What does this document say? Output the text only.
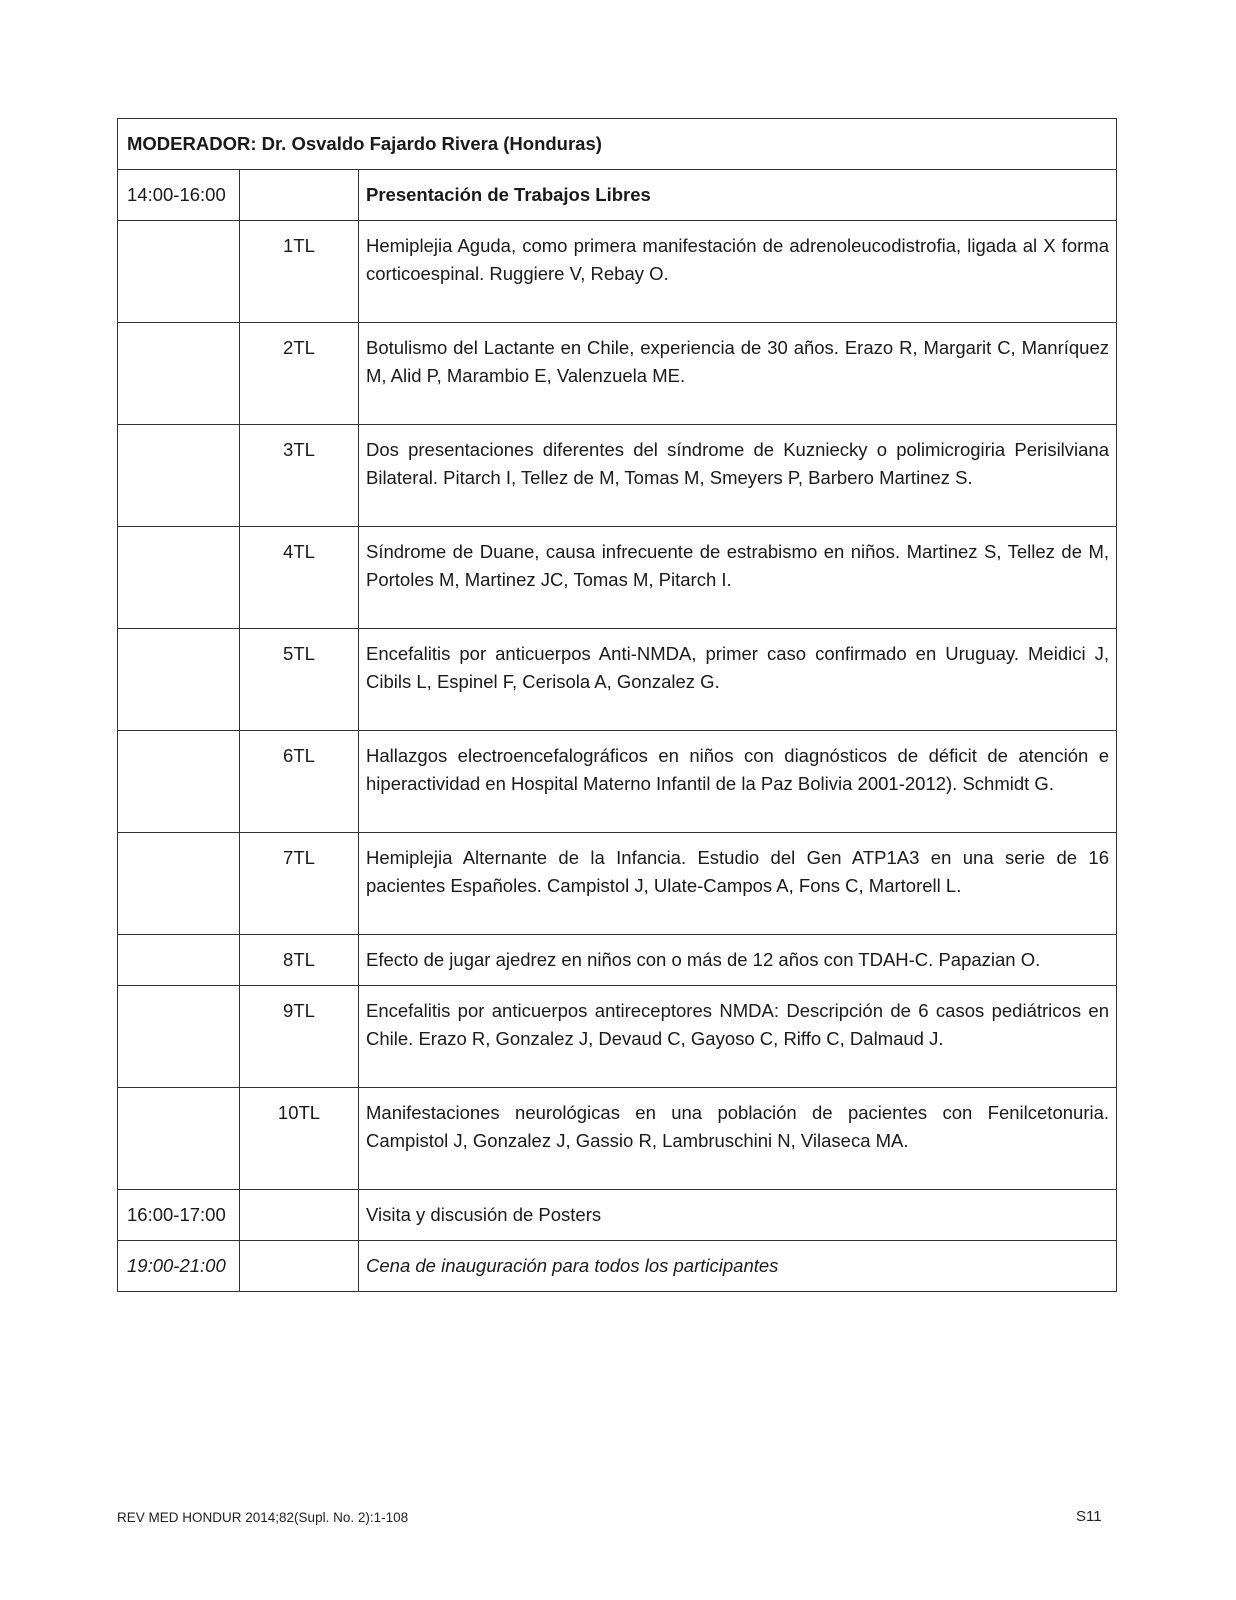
MODERADOR: Dr. Osvaldo Fajardo Rivera (Honduras)		
14:00-16:00		Presentación de Trabajos Libres
	1TL	Hemiplejia Aguda, como primera manifestación de adrenoleucodistrofia, ligada al X forma corticoespinal. Ruggiere V, Rebay O.
	2TL	Botulismo del Lactante en Chile, experiencia de 30 años. Erazo R, Margarit C, Manríquez M, Alid P, Marambio E, Valenzuela ME.
	3TL	Dos presentaciones diferentes del síndrome de Kuzniecky o polimicrogiria Perisilviana Bilateral. Pitarch I, Tellez de M, Tomas M, Smeyers P, Barbero Martinez S.
	4TL	Síndrome de Duane, causa infrecuente de estrabismo en niños. Martinez S, Tellez de M, Portoles M, Martinez JC, Tomas M, Pitarch I.
	5TL	Encefalitis por anticuerpos Anti-NMDA, primer caso confirmado en Uruguay. Meidici J, Cibils L, Espinel F, Cerisola A, Gonzalez G.
	6TL	Hallazgos electroencefalográficos en niños con diagnósticos de déficit de atención e hiperactividad en Hospital Materno Infantil de la Paz Bolivia 2001-2012). Schmidt G.
	7TL	Hemiplejia Alternante de la Infancia. Estudio del Gen ATP1A3 en una serie de 16 pacientes Españoles. Campistol J, Ulate-Campos A, Fons C, Martorell L.
	8TL	Efecto de jugar ajedrez en niños con o más de 12 años con TDAH-C. Papazian O.
	9TL	Encefalitis por anticuerpos antireceptores NMDA: Descripción de 6 casos pediátricos en Chile. Erazo R, Gonzalez J, Devaud C, Gayoso C, Riffo C, Dalmaud J.
	10TL	Manifestaciones neurológicas en una población de pacientes con Fenilcetonuria. Campistol J, Gonzalez J, Gassio R, Lambruschini N, Vilaseca MA.
16:00-17:00		Visita y discusión de Posters
19:00-21:00		Cena de inauguración para todos los participantes
REV MED HONDUR 2014;82(Supl. No. 2):1-108	S11
